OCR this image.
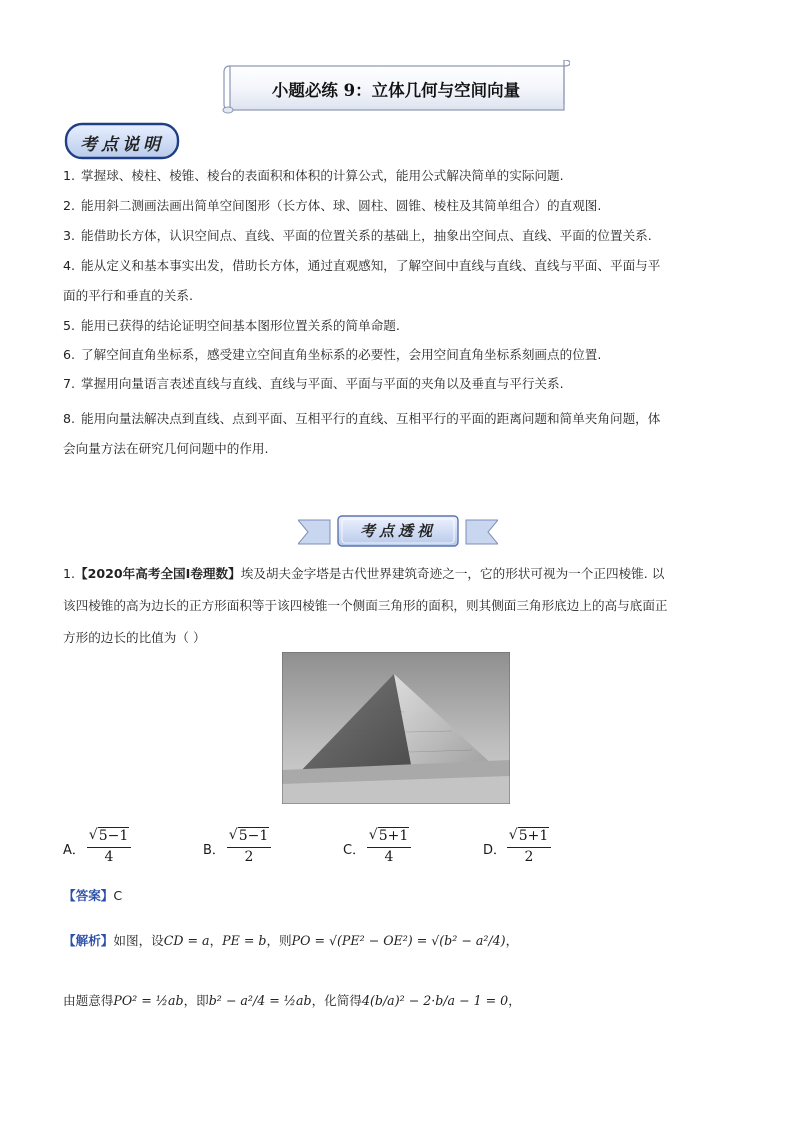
小题必练 9：立体几何与空间向量
考点说明
1. 掌握球、棱柱、棱锥、棱台的表面积和体积的计算公式，能用公式解决简单的实际问题.
2. 能用斜二测画法画出简单空间图形（长方体、球、圆柱、圆锥、棱柱及其简单组合）的直观图.
3. 能借助长方体，认识空间点、直线、平面的位置关系的基础上，抽象出空间点、直线、平面的位置关系.
4. 能从定义和基本事实出发，借助长方体，通过直观感知，了解空间中直线与直线、直线与平面、平面与平
面的平行和垂直的关系.
5. 能用已获得的结论证明空间基本图形位置关系的简单命题.
6. 了解空间直角坐标系，感受建立空间直角坐标系的必要性，会用空间直角坐标系刻画点的位置.
7. 掌握用向量语言表述直线与直线、直线与平面、平面与平面的夹角以及垂直与平行关系.
8. 能用向量法解决点到直线、点到平面、互相平行的直线、互相平行的平面的距离问题和简单夹角问题，体
会向量方法在研究几何问题中的作用.
考点透视
1.【2020年高考全国Ⅰ卷理数】埃及胡夫金字塔是古代世界建筑奇迹之一，它的形状可视为一个正四棱锥. 以
该四棱锥的高为边长的正方形面积等于该四棱锥一个侧面三角形的面积，则其侧面三角形底边上的高与底面正
方形的边长的比值为（ ）
A．
√ 5−1
4	B．
√ 5−1
2	C．
√ 5+1
4	D．
√ 5+1
2
【答案】C
【解析】如图，设CD = a，PE = b，则PO = √(PE² − OE²) = √(b² − a²/4)，
由题意得PO² = ½ab，即b² − a²/4 = ½ab，化简得4(b/a)² − 2·b/a − 1 = 0，
